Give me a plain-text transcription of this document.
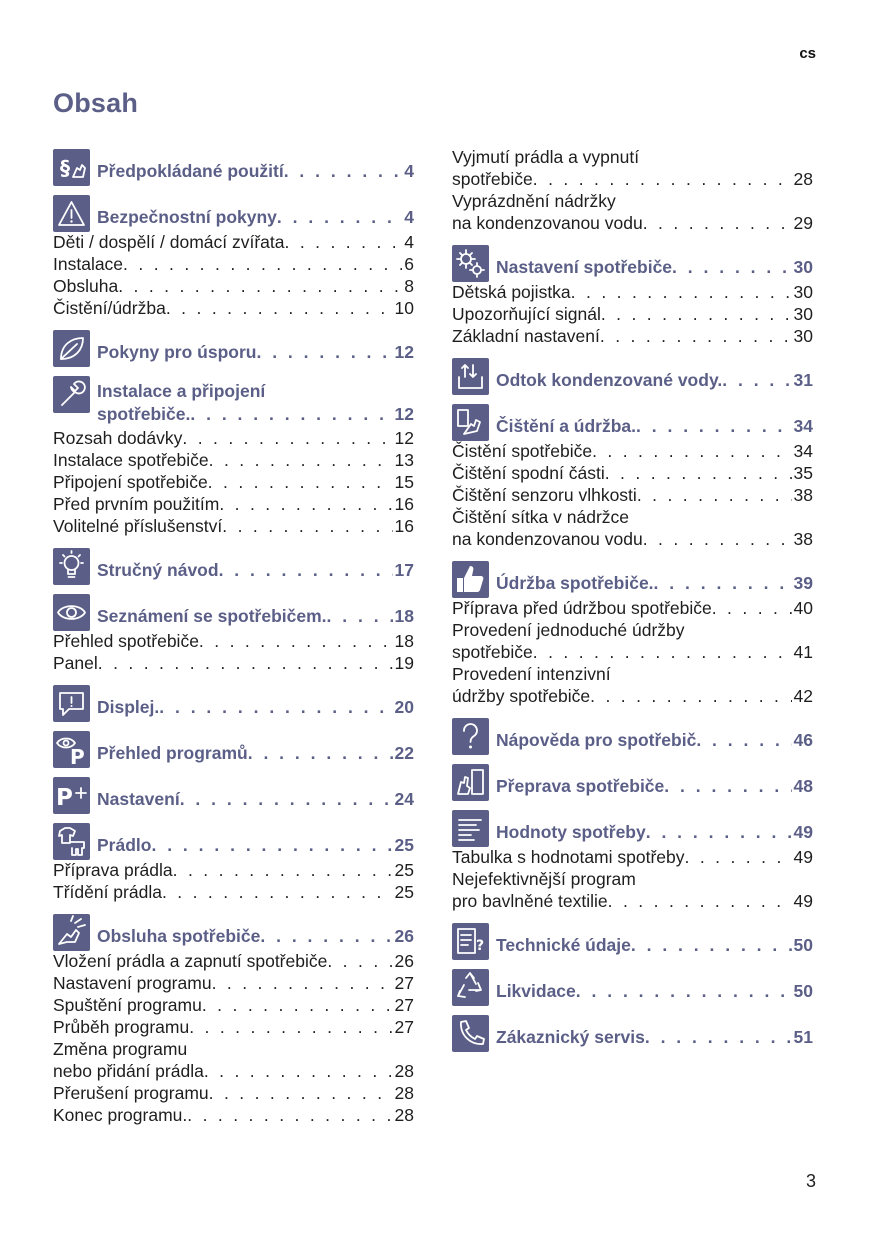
cs
Obsah
§ Předpokládané použití . . .	4
Bezpečnostní pokyny . . .	4
Děti / dospělí / domácí zvířata . . .	4
Instalace . . .	6
Obsluha . . .	8
Čistění/údržba . . .	10
Pokyny pro úsporu . . .	12
Instalace a připojení
spotřebiče. . . .	12
Rozsah dodávky . . .	12
Instalace spotřebiče . . .	13
Připojení spotřebiče . . .	15
Před prvním použitím . . .	16
Volitelné příslušenství . . .	16
Stručný návod . . .	17
Seznámení se spotřebičem. . . .	18
Přehled spotřebiče . . .	18
Panel . . .	19
Displej. . . .	20
P Přehled programů . . .	22
P Nastavení . . .	24
Prádlo . . .	25
Příprava prádla . . .	25
Třídění prádla . . .	25
Obsluha spotřebiče . . .	26
Vložení prádla a zapnutí spotřebiče . . .	26
Nastavení programu . . .	27
Spuštění programu . . .	27
Průběh programu . . .	27
Změna programu
nebo přidání prádla . . .	28
Přerušení programu . . .	28
Konec programu. . . .	28
Vyjmutí prádla a vypnutí
spotřebiče . . .	28
Vyprázdnění nádržky
na kondenzovanou vodu . . .	29
Nastavení spotřebiče . . .	30
Dětská pojistka . . .	30
Upozorňující signál . . .	30
Základní nastavení . . .	30
Odtok kondenzované vody. . . .	31
Čištění a údržba. . . .	34
Čistění spotřebiče . . .	34
Čištění spodní části . . .	35
Čištění senzoru vlhkosti . . .	38
Čištění sítka v nádržce
na kondenzovanou vodu . . .	38
Údržba spotřebiče. . . .	39
Příprava před údržbou spotřebiče . . .	40
Provedení jednoduché údržby
spotřebiče . . .	41
Provedení intenzivní
údržby spotřebiče . . .	42
Nápověda pro spotřebič . . .	46
Přeprava spotřebiče . . .	48
Hodnoty spotřeby . . .	49
Tabulka s hodnotami spotřeby . . .	49
Nejefektivnější program
pro bavlněné textilie . . .	49
? Technické údaje . . .	50
Likvidace . . .	50
Zákaznický servis . . .	51
3
